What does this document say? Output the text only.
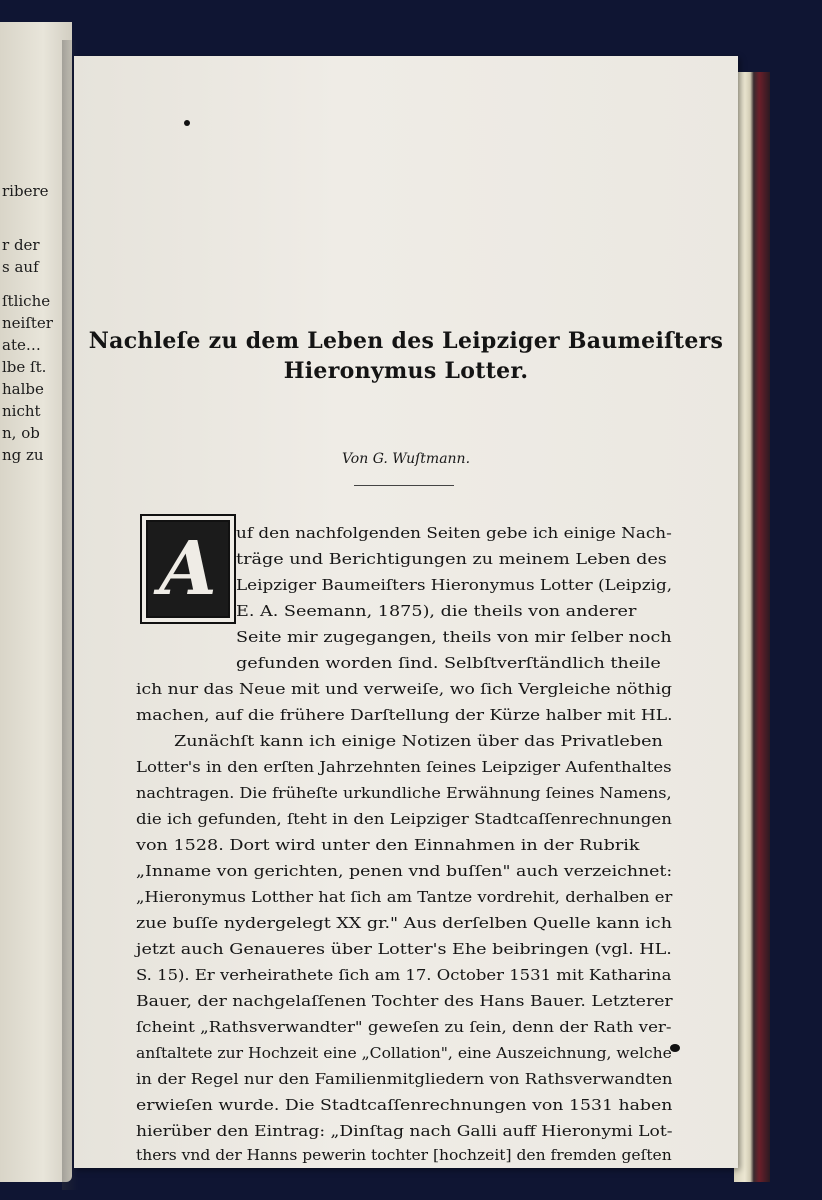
ribere
r der
s auf
ſtliche
neiſter
ate…
lbe ſt.
halbe
nicht
n, ob
ng zu
Nachleſe zu dem Leben des Leipziger Baumeiſters
Hieronymus Lotter.
Von G. Wuſtmann.
A uf den nachfolgenden Seiten gebe ich einige Nach-
träge und Berichtigungen zu meinem Leben des
Leipziger Baumeiſters Hieronymus Lotter (Leipzig,
E. A. Seemann, 1875), die theils von anderer
Seite mir zugegangen, theils von mir ſelber noch
gefunden worden ſind. Selbſtverſtändlich theile
ich nur das Neue mit und verweiſe, wo ſich Vergleiche nöthig
machen, auf die frühere Darſtellung der Kürze halber mit HL.
Zunächſt kann ich einige Notizen über das Privatleben
Lotter's in den erſten Jahrzehnten ſeines Leipziger Aufenthaltes
nachtragen. Die früheſte urkundliche Erwähnung ſeines Namens,
die ich gefunden, ſteht in den Leipziger Stadtcaſſenrechnungen
von 1528. Dort wird unter den Einnahmen in der Rubrik
„Inname von gerichten, penen vnd buſſen" auch verzeichnet:
„Hieronymus Lotther hat ſich am Tantze vordrehit, derhalben er
zue buſſe nydergelegt XX gr." Aus derſelben Quelle kann ich
jetzt auch Genaueres über Lotter's Ehe beibringen (vgl. HL.
S. 15). Er verheirathete ſich am 17. October 1531 mit Katharina
Bauer, der nachgelaſſenen Tochter des Hans Bauer. Letzterer
ſcheint „Rathsverwandter" geweſen zu ſein, denn der Rath ver-
anſtaltete zur Hochzeit eine „Collation", eine Auszeichnung, welche
in der Regel nur den Familienmitgliedern von Rathsverwandten
erwieſen wurde. Die Stadtcaſſenrechnungen von 1531 haben
hierüber den Eintrag: „Dinſtag nach Galli auff Hieronymi Lot-
thers vnd der Hanns pewerin tochter [hochzeit] den fremden geſten
